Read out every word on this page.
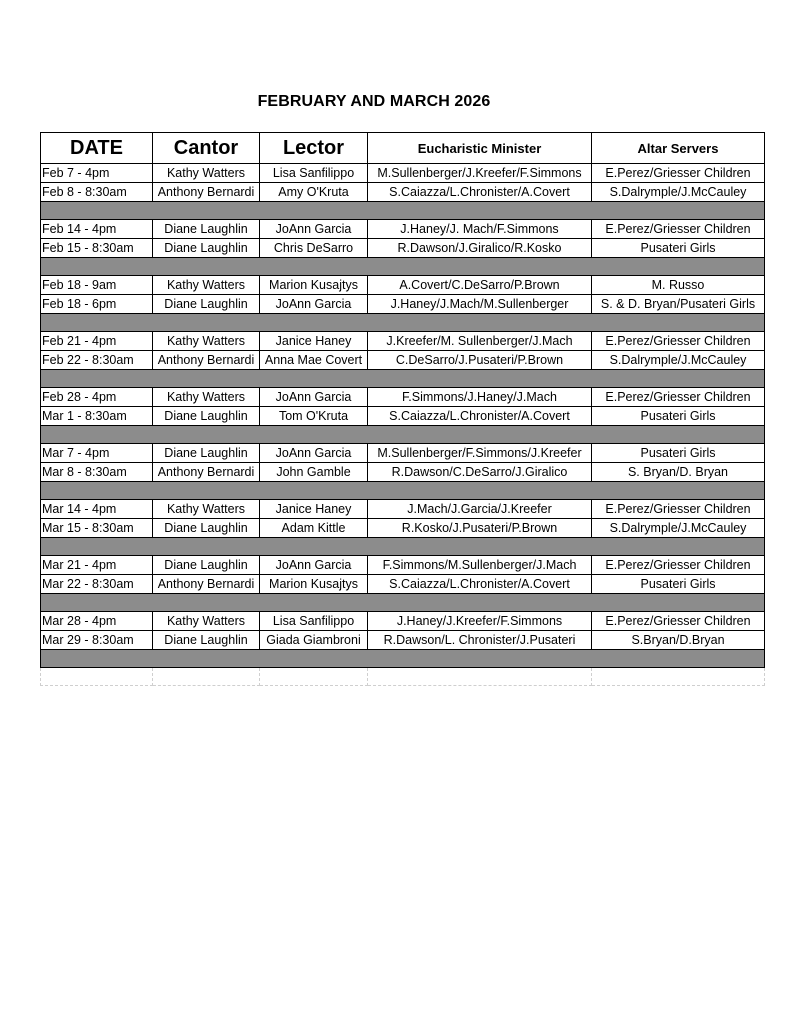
FEBRUARY AND MARCH 2026
DATE	Cantor	Lector	Eucharistic Minister	Altar Servers
Feb 7 - 4pm	Kathy Watters	Lisa Sanfilippo	M.Sullenberger/J.Kreefer/F.Simmons	E.Perez/Griesser Children
Feb 8 - 8:30am	Anthony Bernardi	Amy O'Kruta	S.Caiazza/L.Chronister/A.Covert	S.Dalrymple/J.McCauley

Feb 14 - 4pm	Diane Laughlin	JoAnn Garcia	J.Haney/J. Mach/F.Simmons	E.Perez/Griesser Children
Feb 15 - 8:30am	Diane Laughlin	Chris DeSarro	R.Dawson/J.Giralico/R.Kosko	Pusateri Girls

Feb 18 - 9am	Kathy Watters	Marion Kusajtys	A.Covert/C.DeSarro/P.Brown	M. Russo
Feb 18 - 6pm	Diane Laughlin	JoAnn Garcia	J.Haney/J.Mach/M.Sullenberger	S. & D. Bryan/Pusateri Girls

Feb 21 - 4pm	Kathy Watters	Janice Haney	J.Kreefer/M. Sullenberger/J.Mach	E.Perez/Griesser Children
Feb 22 - 8:30am	Anthony Bernardi	Anna Mae Covert	C.DeSarro/J.Pusateri/P.Brown	S.Dalrymple/J.McCauley

Feb 28 - 4pm	Kathy Watters	JoAnn Garcia	F.Simmons/J.Haney/J.Mach	E.Perez/Griesser Children
Mar 1 - 8:30am	Diane Laughlin	Tom O'Kruta	S.Caiazza/L.Chronister/A.Covert	Pusateri Girls

Mar 7 - 4pm	Diane Laughlin	JoAnn Garcia	M.Sullenberger/F.Simmons/J.Kreefer	Pusateri Girls
Mar 8 - 8:30am	Anthony Bernardi	John Gamble	R.Dawson/C.DeSarro/J.Giralico	S. Bryan/D. Bryan

Mar 14 - 4pm	Kathy Watters	Janice Haney	J.Mach/J.Garcia/J.Kreefer	E.Perez/Griesser Children
Mar 15 - 8:30am	Diane Laughlin	Adam Kittle	R.Kosko/J.Pusateri/P.Brown	S.Dalrymple/J.McCauley

Mar 21 - 4pm	Diane Laughlin	JoAnn Garcia	F.Simmons/M.Sullenberger/J.Mach	E.Perez/Griesser Children
Mar 22 - 8:30am	Anthony Bernardi	Marion Kusajtys	S.Caiazza/L.Chronister/A.Covert	Pusateri Girls

Mar 28 - 4pm	Kathy Watters	Lisa Sanfilippo	J.Haney/J.Kreefer/F.Simmons	E.Perez/Griesser Children
Mar 29 - 8:30am	Diane Laughlin	Giada Giambroni	R.Dawson/L. Chronister/J.Pusateri	S.Bryan/D.Bryan
